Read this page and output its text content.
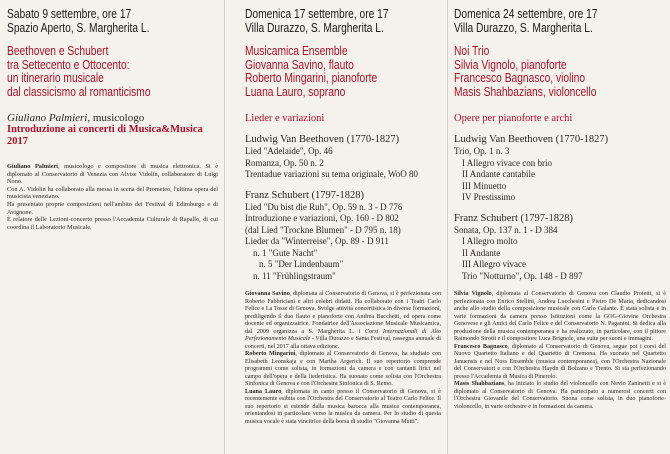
Sabato 9 settembre, ore 17
Spazio Aperto, S. Margherita L.
Beethoven e Schubert
tra Settecento e Ottocento:
un itinerario musicale
dal classicismo al romanticismo
Giuliano Palmieri, musicologo
Introduzione ai concerti di Musica&Musica 2017

Giuliano Palmieri, musicologo e compositore di musica elettronica. Si è diplomato al Conservatorio di Venezia con Alvise Vidolin, collaboratore di Luigi Nono.

Con A. Vidolin ha collaborato alla messa in scena del Prometeo, l'ultima opera del musicista veneziano.

Ha presentato proprie composizioni nell'ambito dei Festival di Edimburgo e di Avignone.

È relatore delle Lezioni-concerto presso l'Accademia Culturale di Rapallo, di cui coordina il Laboratorio Musicale.

Domenica 17 settembre, ore 17
Villa Durazzo, S. Margherita L.
Musicamica Ensemble
Giovanna Savino, flauto
Roberto Mingarini, pianoforte
Luana Lauro, soprano
Lieder e variazioni
Ludwig Van Beethoven (1770-1827)
Lied "Adelaide", Op. 46
Romanza, Op. 50 n. 2
Trentadue variazioni su tema originale, WoO 80
Franz Schubert (1797-1828)
Lied "Du bist die Ruh", Op. 59 n. 3 - D 776
Introduzione e variazioni, Op. 160 - D 802
(dal Lied "Trockne Blumen" - D 795 n. 18)
Lieder da "Winterreise", Op. 89 - D 911
n. 1 "Gute Nacht"
n. 5 "Der Lindenbaum"
n. 11 "Frühlingstraum"

Giovanna Savino, diplomata al Conservatorio di Genova, si è perfezionata con Roberto Fabbriciani e altri celebri didatti. Ha collaborato con i Teatri Carlo Felice e La Tosse di Genova. Svolge attività concertistica in diverse formazioni, prediligendo il duo flauto e pianoforte con Andrea Bacchetti, ed opera come docente ed organizzatrice. Fondatrice dell'Associazione Musicale Musicamica, dal 2009 organizza a S. Margherita L. i Corsi Internazionali di Alto Perfezionamento Musicale - Villa Durazzo e Santa Festival, rassegna annuale di concerti, nel 2017 alla ottava edizione.

Roberto Mingarini, diplomato al Conservatorio di Genova, ha studiato con Elisabeth Leonskaja e con Martha Argerich. Il suo repertorio comprende programmi come solista, in formazioni da camera e con cantanti lirici nel campo dell'opera e della liederistica. Ha suonato come solista con l'Orchestra Sinfonica di Genova e con l'Orchestra Sinfonica di S. Remo.

Luana Lauro, diplomata in canto presso il Conservatorio di Genova, si è recentemente esibita con l'Orchestra del Conservatorio al Teatro Carlo Felice. Il suo repertorio si estende dalla musica barocca alla musica contemporanea, orientandosi in particolare verso la musica da camera. Per lo studio di questa musica vocale è stata vincitrice della borsa di studio "Giovanna Mutti".

Domenica 24 settembre, ore 17
Villa Durazzo, S. Margherita L.
Noi Trio
Silvia Vignolo, pianoforte
Francesco Bagnasco, violino
Masis Shahbazians, violoncello
Opere per pianoforte e archi
Ludwig Van Beethoven (1770-1827)
Trio, Op. 1 n. 3
I Allegro vivace con brio
II Andante cantabile
III Minuetto
IV Prestissimo
Franz Schubert (1797-1828)
Sonata, Op. 137 n. 1 - D 384
I Allegro molto
II Andante
III Allegro vivace
Trio "Notturno", Op. 148 - D 897

Silvia Vignolo, diplomata al Conservatorio di Genova con Claudio Proietti, si è perfezionata con Enrico Stellini, Andrea Lucchesini e Pietro De Maria, dedicandosi anche allo studio della composizione musicale con Carlo Galante. È stata solista e in varie formazioni da camera presso Istituzioni come la GOG-Giovine Orchestra Genovese e gli Amici del Carlo Felice e del Conservatorio N. Paganini. Si dedica alla produzione della musica contemporanea e ha realizzato, in particolare, con il pittore Raimondo Sirotti e il compositore Luca Brignole, una suite per suoni e immagini.

Francesco Bagnasco, diplomato al Conservatorio di Genova, segue poi i corsi del Nuovo Quartetto Italiano e del Quartetto di Cremona. Ha suonato nel Quartetto Januensis e nel Noss Ensemble (musica contemporanea), con l'Orchestra Nazionale del Conservatori e con l'Orchestra Haydn di Bolzano e Trento. Si sta perfezionando presso l'Accademia di Musica di Pinerolo.

Masis Shahbazians, ha iniziato lo studio del violoncello con Nevio Zaninetti e si è diplomato al Conservatorio di Genova. Ha partecipato a numerosi concerti con l'Orchestra Giovanile del Conservatorio. Suona come solista, in duo pianoforte-violoncello, in varie orchestre e in formazioni da camera.
